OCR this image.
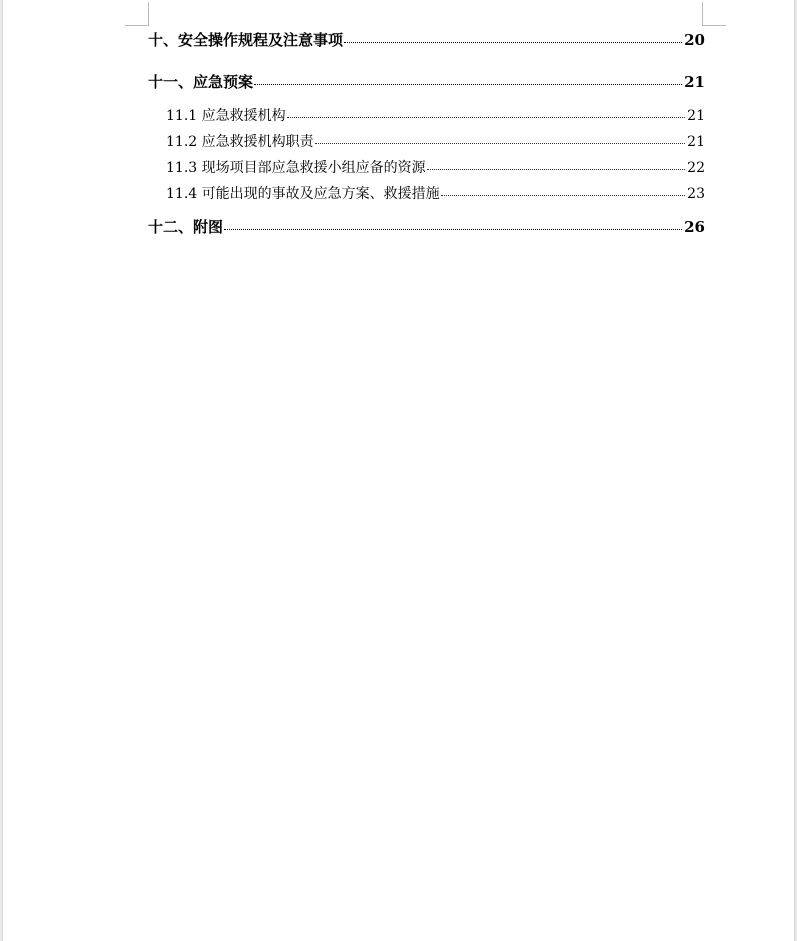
十、安全操作规程及注意事项	20
十一、应急预案	21
11.1 应急救援机构	21
11.2 应急救援机构职责	21
11.3 现场项目部应急救援小组应备的资源	22
11.4 可能出现的事故及应急方案、救援措施	23
十二、附图	26
